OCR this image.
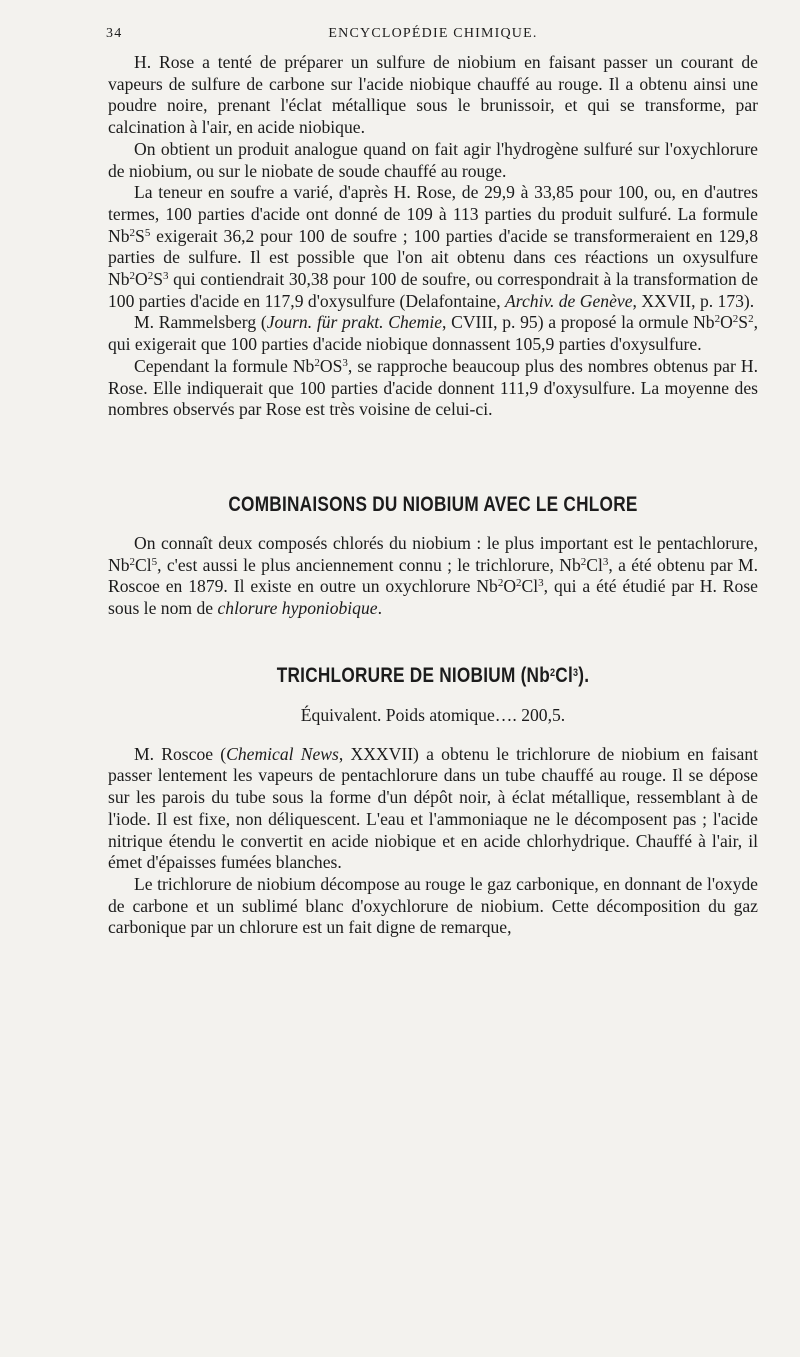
34	ENCYCLOPÉDIE CHIMIQUE.

H. Rose a tenté de préparer un sulfure de niobium en faisant passer un courant de vapeurs de sulfure de carbone sur l'acide niobique chauffé au rouge. Il a obtenu ainsi une poudre noire, prenant l'éclat métallique sous le brunissoir, et qui se transforme, par calcination à l'air, en acide niobique.

On obtient un produit analogue quand on fait agir l'hydrogène sulfuré sur l'oxychlorure de niobium, ou sur le niobate de soude chauffé au rouge.

La teneur en soufre a varié, d'après H. Rose, de 29,9 à 33,85 pour 100, ou, en d'autres termes, 100 parties d'acide ont donné de 109 à 113 parties du produit sulfuré. La formule $Nb^2S^5$ exigerait 36,2 pour 100 de soufre ; 100 parties d'acide se transformeraient en 129,8 parties de sulfure. Il est possible que l'on ait obtenu dans ces réactions un oxysulfure $Nb^2O^2S^3$ qui contiendrait 30,38 pour 100 de soufre, ou correspondrait à la transformation de 100 parties d'acide en 117,9 d'oxysulfure (Delafontaine, Archiv. de Genève, XXVII, p. 173).

M. Rammelsberg (Journ. für prakt. Chemie, CVIII, p. 95) a proposé la ormule $Nb^2O^2S^2$, qui exigerait que 100 parties d'acide niobique donnassent 105,9 parties d'oxysulfure.

Cependant la formule $Nb^2OS^3$, se rapproche beaucoup plus des nombres obtenus par H. Rose. Elle indiquerait que 100 parties d'acide donnent 111,9 d'oxysulfure. La moyenne des nombres observés par Rose est très voisine de celui-ci.

COMBINAISONS DU NIOBIUM AVEC LE CHLORE

On connaît deux composés chlorés du niobium : le plus important est le pentachlorure, Nb$^2$Cl$^5$, c'est aussi le plus anciennement connu ; le trichlorure, Nb$^2$Cl$^3$, a été obtenu par M. Roscoe en 1879. Il existe en outre un oxychlorure $Nb^2O^2Cl^3$, qui a été étudié par H. Rose sous le nom de chlorure hyponiobique.

TRICHLORURE DE NIOBIUM (Nb$^2$Cl$^3$).
Équivalent. Poids atomique…. 200,5.

M. Roscoe (Chemical News, XXXVII) a obtenu le trichlorure de niobium en faisant passer lentement les vapeurs de pentachlorure dans un tube chauffé au rouge. Il se dépose sur les parois du tube sous la forme d'un dépôt noir, à éclat métallique, ressemblant à de l'iode. Il est fixe, non déliquescent. L'eau et l'ammoniaque ne le décomposent pas ; l'acide nitrique étendu le convertit en acide niobique et en acide chlorhydrique. Chauffé à l'air, il émet d'épaisses fumées blanches.

Le trichlorure de niobium décompose au rouge le gaz carbonique, en donnant de l'oxyde de carbone et un sublimé blanc d'oxychlorure de niobium. Cette décomposition du gaz carbonique par un chlorure est un fait digne de remarque,
